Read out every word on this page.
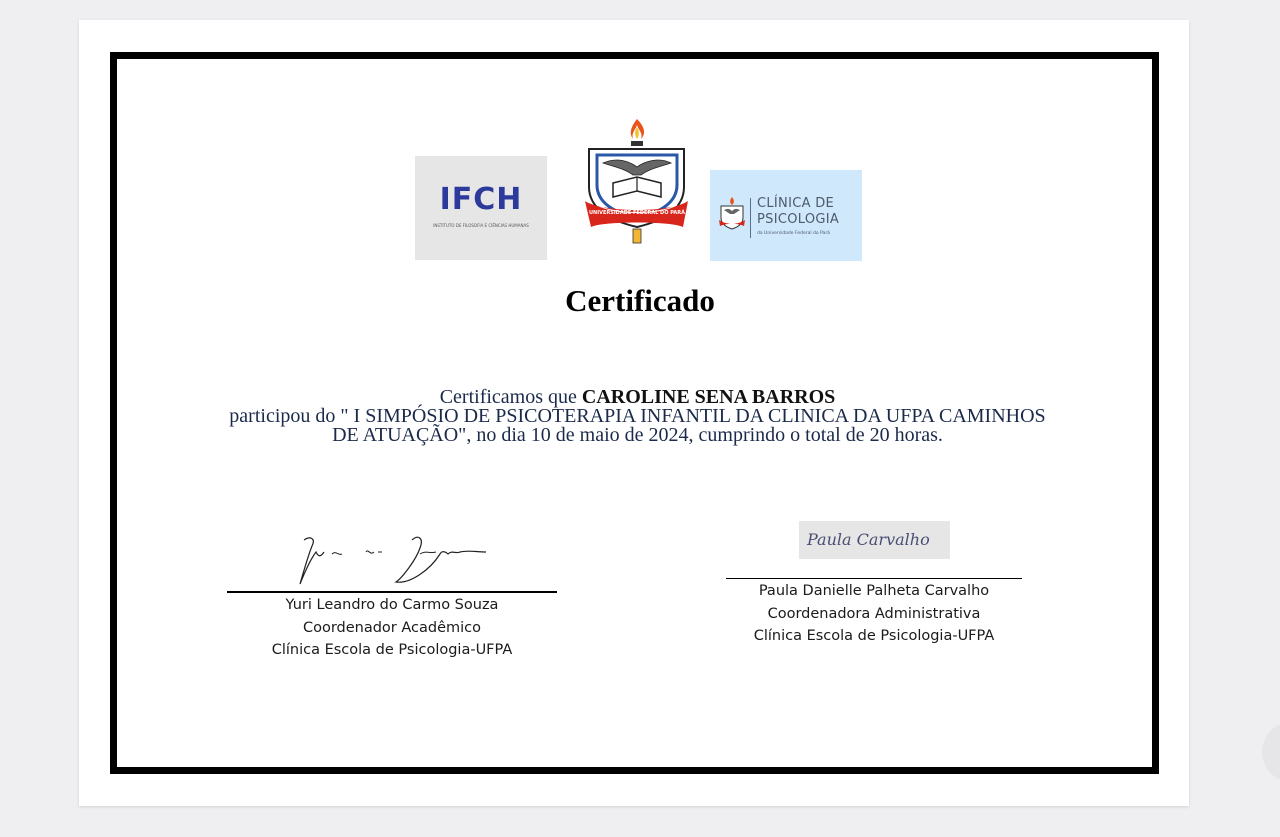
IFCH
INSTITUTO DE FILOSOFIA E CIÊNCIAS HUMANAS
UNIVERSIDADE FEDERAL DO PARÁ
CLÍNICA DE
PSICOLOGIA
da Universidade Federal do Pará
Certificado
Certificamos que CAROLINE SENA BARROS
participou do " I SIMPÓSIO DE PSICOTERAPIA INFANTIL DA CLINICA DA UFPA CAMINHOS
DE ATUAÇÃO", no dia 10 de maio de 2024, cumprindo o total de 20 horas.
Yuri Leandro do Carmo Souza
Coordenador Acadêmico
Clínica Escola de Psicologia-UFPA
Paula Carvalho
Paula Danielle Palheta Carvalho
Coordenadora Administrativa
Clínica Escola de Psicologia-UFPA
